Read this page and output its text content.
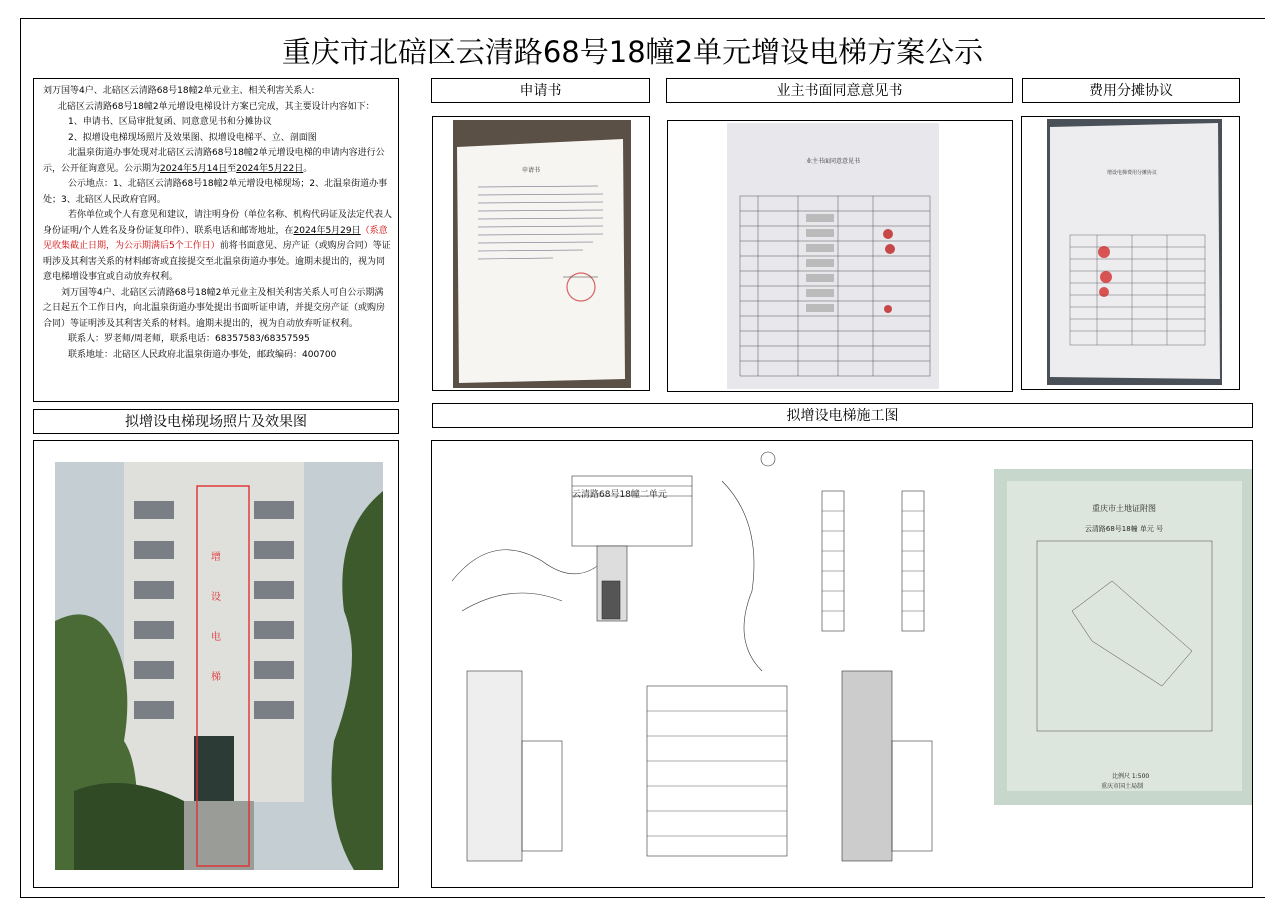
重庆市北碚区云清路68号18幢2单元增设电梯方案公示

刘万国等4户、北碚区云清路68号18幢2单元业主、相关利害关系人:

北碚区云清路68号18幢2单元增设电梯设计方案已完成，其主要设计内容如下：

1、申请书、区局审批复函、同意意见书和分摊协议

2、拟增设电梯现场照片及效果图、拟增设电梯平、立、剖面图

北温泉街道办事处现对北碚区云清路68号18幢2单元增设电梯的申请内容进行公示，公开征询意见。公示期为2024年5月14日至2024年5月22日。

公示地点：1、北碚区云清路68号18幢2单元增设电梯现场；2、北温泉街道办事处；3、北碚区人民政府官网。

若你单位或个人有意见和建议，请注明身份（单位名称、机构代码证及法定代表人身份证明/个人姓名及身份证复印件）、联系电话和邮寄地址，在2024年5月29日（系意见收集截止日期，为公示期满后5个工作日）前将书面意见、房产证（或购房合同）等证明涉及其利害关系的材料邮寄或直接提交至北温泉街道办事处。逾期未提出的，视为同意电梯增设事宜或自动放弃权利。

刘万国等4户、北碚区云清路68号18幢2单元业主及相关利害关系人可自公示期满之日起五个工作日内，向北温泉街道办事处提出书面听证申请，并提交房产证（或购房合同）等证明涉及其利害关系的材料。逾期未提出的，视为自动放弃听证权利。

联系人：罗老师/周老师，联系电话：68357583/68357595

联系地址：北碚区人民政府北温泉街道办事处，邮政编码：400700

申请书	业主书面同意意见书	费用分摊协议
拟增设电梯现场照片及效果图	拟增设电梯施工图
申请书
业主书面同意意见书
增设电梯费用分摊协议
增设电梯
云清路68号18幢二单元
重庆市土地证附图
云清路68号18幢 单元 号
比例尺 1:500
重庆市国土局制
